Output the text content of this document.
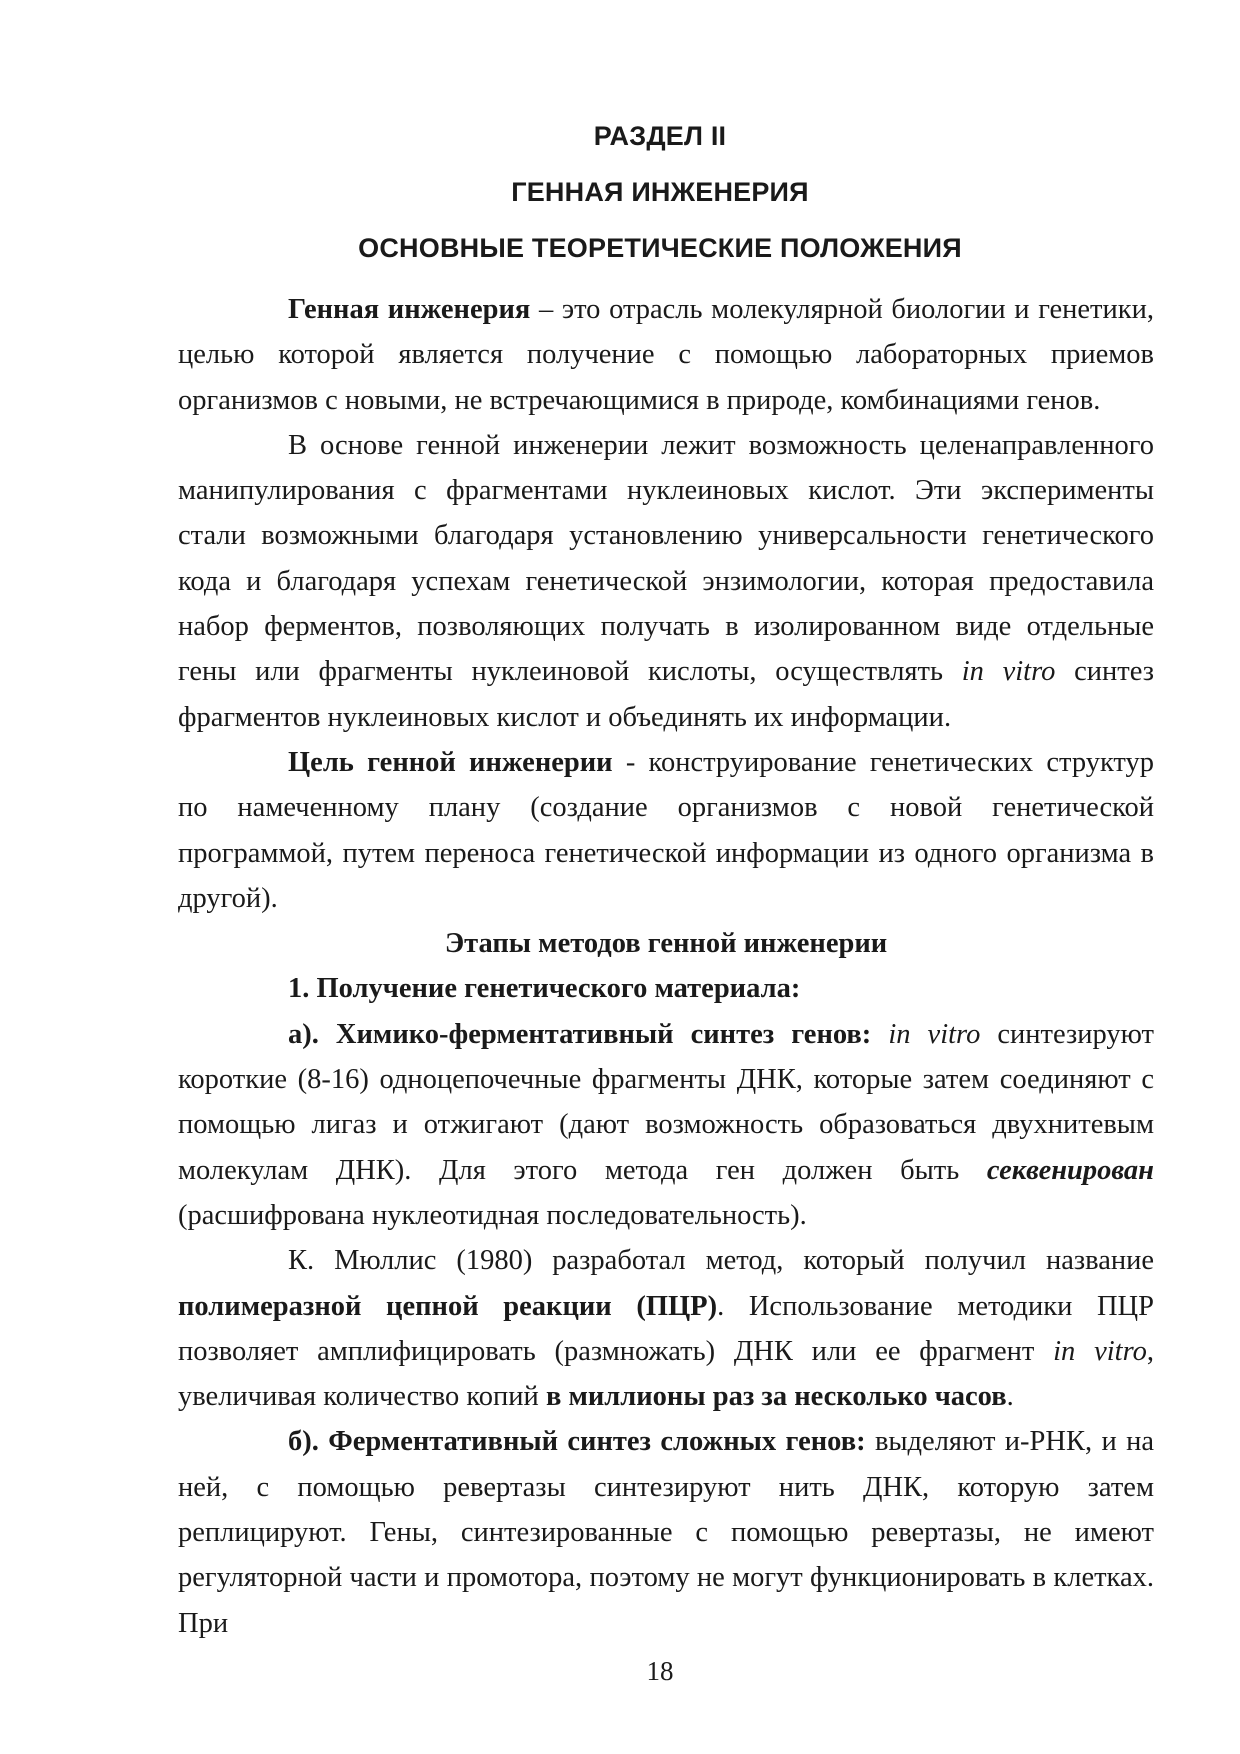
РАЗДЕЛ II
ГЕННАЯ ИНЖЕНЕРИЯ
ОСНОВНЫЕ ТЕОРЕТИЧЕСКИЕ ПОЛОЖЕНИЯ

Генная инженерия – это отрасль молекулярной биологии и генетики, целью которой является получение с помощью лабораторных приемов организмов с новыми, не встречающимися в природе, комбинациями генов.

В основе генной инженерии лежит возможность целенаправленного манипулирования с фрагментами нуклеиновых кислот. Эти эксперименты стали возможными благодаря установлению универсальности генетического кода и благодаря успехам генетической энзимологии, которая предоставила набор ферментов, позволяющих получать в изолированном виде отдельные гены или фрагменты нуклеиновой кислоты, осуществлять in vitro синтез фрагментов нуклеиновых кислот и объединять их информации.

Цель генной инженерии - конструирование генетических структур по намеченному плану (создание организмов с новой генетической программой, путем переноса генетической информации из одного организма в другой).

Этапы методов генной инженерии

1. Получение генетического материала:

а). Химико-ферментативный синтез генов: in vitro синтезируют короткие (8-16) одноцепочечные фрагменты ДНК, которые затем соединяют с помощью лигаз и отжигают (дают возможность образоваться двухнитевым молекулам ДНК). Для этого метода ген должен быть секвенирован (расшифрована нуклеотидная последовательность).

К. Мюллис (1980) разработал метод, который получил название полимеразной цепной реакции (ПЦР). Использование методики ПЦР позволяет амплифицировать (размножать) ДНК или ее фрагмент in vitro, увеличивая количество копий в миллионы раз за несколько часов.

б). Ферментативный синтез сложных генов: выделяют и-РНК, и на ней, с помощью ревертазы синтезируют нить ДНК, которую затем реплицируют. Гены, синтезированные с помощью ревертазы, не имеют регуляторной части и промотора, поэтому не могут функционировать в клетках. При

18
